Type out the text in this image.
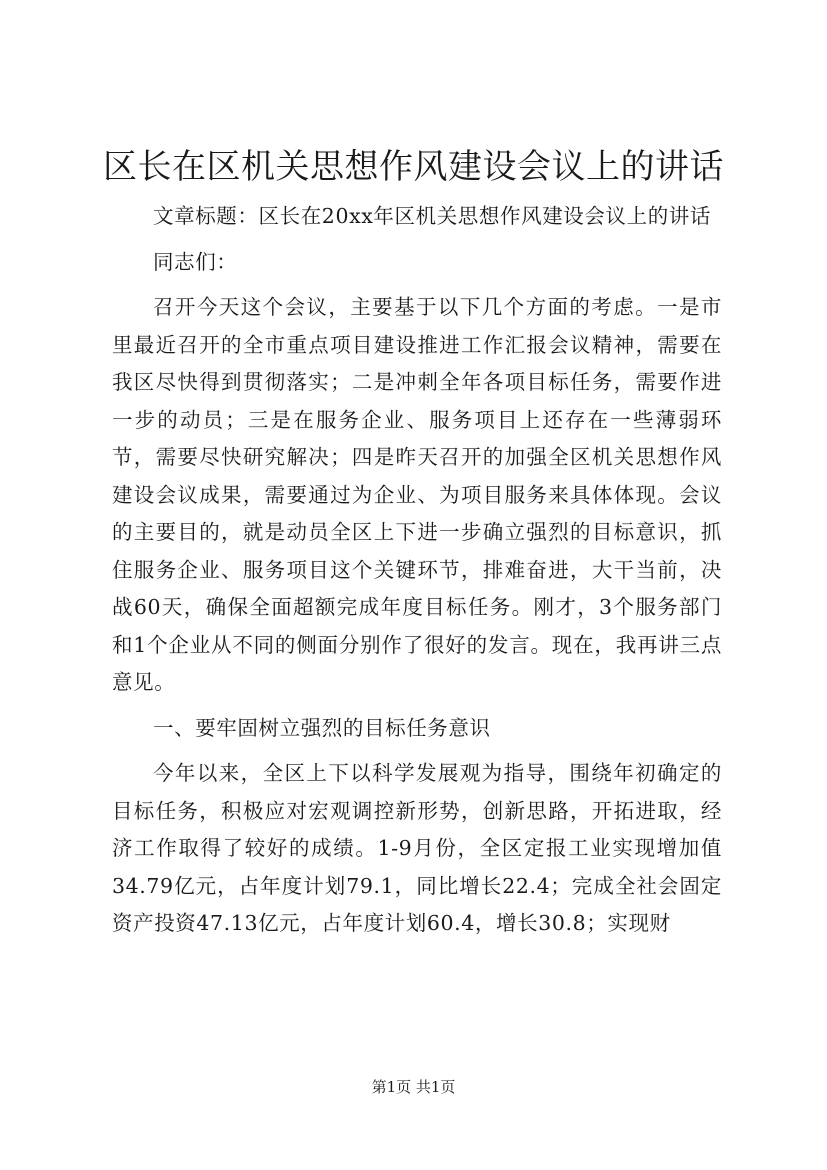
区长在区机关思想作风建设会议上的讲话

文章标题：区长在20xx年区机关思想作风建设会议上的讲话

同志们：

召开今天这个会议，主要基于以下几个方面的考虑。一是市里最近召开的全市重点项目建设推进工作汇报会议精神，需要在我区尽快得到贯彻落实；二是冲刺全年各项目标任务，需要作进一步的动员；三是在服务企业、服务项目上还存在一些薄弱环节，需要尽快研究解决；四是昨天召开的加强全区机关思想作风建设会议成果，需要通过为企业、为项目服务来具体体现。会议的主要目的，就是动员全区上下进一步确立强烈的目标意识，抓住服务企业、服务项目这个关键环节，排难奋进，大干当前，决战60天，确保全面超额完成年度目标任务。刚才，3个服务部门和1个企业从不同的侧面分别作了很好的发言。现在，我再讲三点意见。

一、要牢固树立强烈的目标任务意识

今年以来，全区上下以科学发展观为指导，围绕年初确定的目标任务，积极应对宏观调控新形势，创新思路，开拓进取，经济工作取得了较好的成绩。1-9月份，全区定报工业实现增加值34.79亿元，占年度计划79.1，同比增长22.4；完成全社会固定资产投资47.13亿元，占年度计划60.4，增长30.8；实现财

第1页 共1页
